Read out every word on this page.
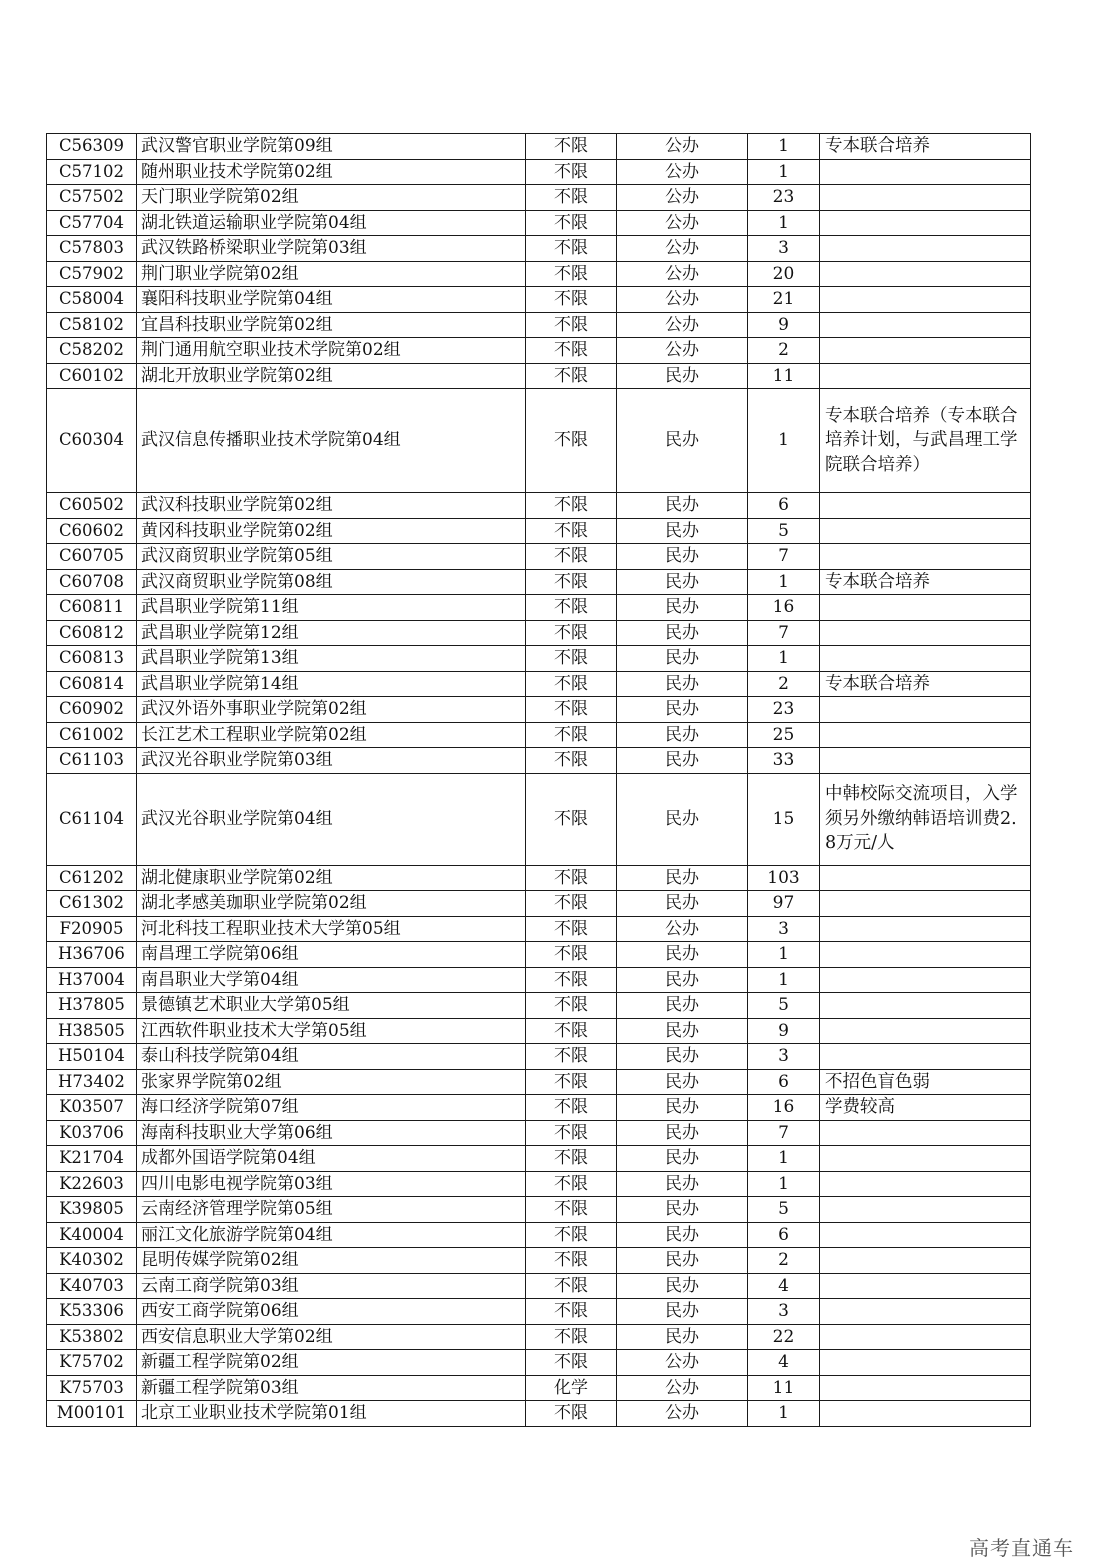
C56309	武汉警官职业学院第09组	不限	公办	1	专本联合培养
C57102	随州职业技术学院第02组	不限	公办	1	
C57502	天门职业学院第02组	不限	公办	23	
C57704	湖北铁道运输职业学院第04组	不限	公办	1	
C57803	武汉铁路桥梁职业学院第03组	不限	公办	3	
C57902	荆门职业学院第02组	不限	公办	20	
C58004	襄阳科技职业学院第04组	不限	公办	21	
C58102	宜昌科技职业学院第02组	不限	公办	9	
C58202	荆门通用航空职业技术学院第02组	不限	公办	2	
C60102	湖北开放职业学院第02组	不限	民办	11	
C60304	武汉信息传播职业技术学院第04组	不限	民办	1	专本联合培养（专本联合培养计划，与武昌理工学院联合培养）
C60502	武汉科技职业学院第02组	不限	民办	6	
C60602	黄冈科技职业学院第02组	不限	民办	5	
C60705	武汉商贸职业学院第05组	不限	民办	7	
C60708	武汉商贸职业学院第08组	不限	民办	1	专本联合培养
C60811	武昌职业学院第11组	不限	民办	16	
C60812	武昌职业学院第12组	不限	民办	7	
C60813	武昌职业学院第13组	不限	民办	1	
C60814	武昌职业学院第14组	不限	民办	2	专本联合培养
C60902	武汉外语外事职业学院第02组	不限	民办	23	
C61002	长江艺术工程职业学院第02组	不限	民办	25	
C61103	武汉光谷职业学院第03组	不限	民办	33	
C61104	武汉光谷职业学院第04组	不限	民办	15	中韩校际交流项目，入学须另外缴纳韩语培训费2.8万元/人
C61202	湖北健康职业学院第02组	不限	民办	103	
C61302	湖北孝感美珈职业学院第02组	不限	民办	97	
F20905	河北科技工程职业技术大学第05组	不限	公办	3	
H36706	南昌理工学院第06组	不限	民办	1	
H37004	南昌职业大学第04组	不限	民办	1	
H37805	景德镇艺术职业大学第05组	不限	民办	5	
H38505	江西软件职业技术大学第05组	不限	民办	9	
H50104	泰山科技学院第04组	不限	民办	3	
H73402	张家界学院第02组	不限	民办	6	不招色盲色弱
K03507	海口经济学院第07组	不限	民办	16	学费较高
K03706	海南科技职业大学第06组	不限	民办	7	
K21704	成都外国语学院第04组	不限	民办	1	
K22603	四川电影电视学院第03组	不限	民办	1	
K39805	云南经济管理学院第05组	不限	民办	5	
K40004	丽江文化旅游学院第04组	不限	民办	6	
K40302	昆明传媒学院第02组	不限	民办	2	
K40703	云南工商学院第03组	不限	民办	4	
K53306	西安工商学院第06组	不限	民办	3	
K53802	西安信息职业大学第02组	不限	民办	22	
K75702	新疆工程学院第02组	不限	公办	4	
K75703	新疆工程学院第03组	化学	公办	11	
M00101	北京工业职业技术学院第01组	不限	公办	1	
高考直通车
